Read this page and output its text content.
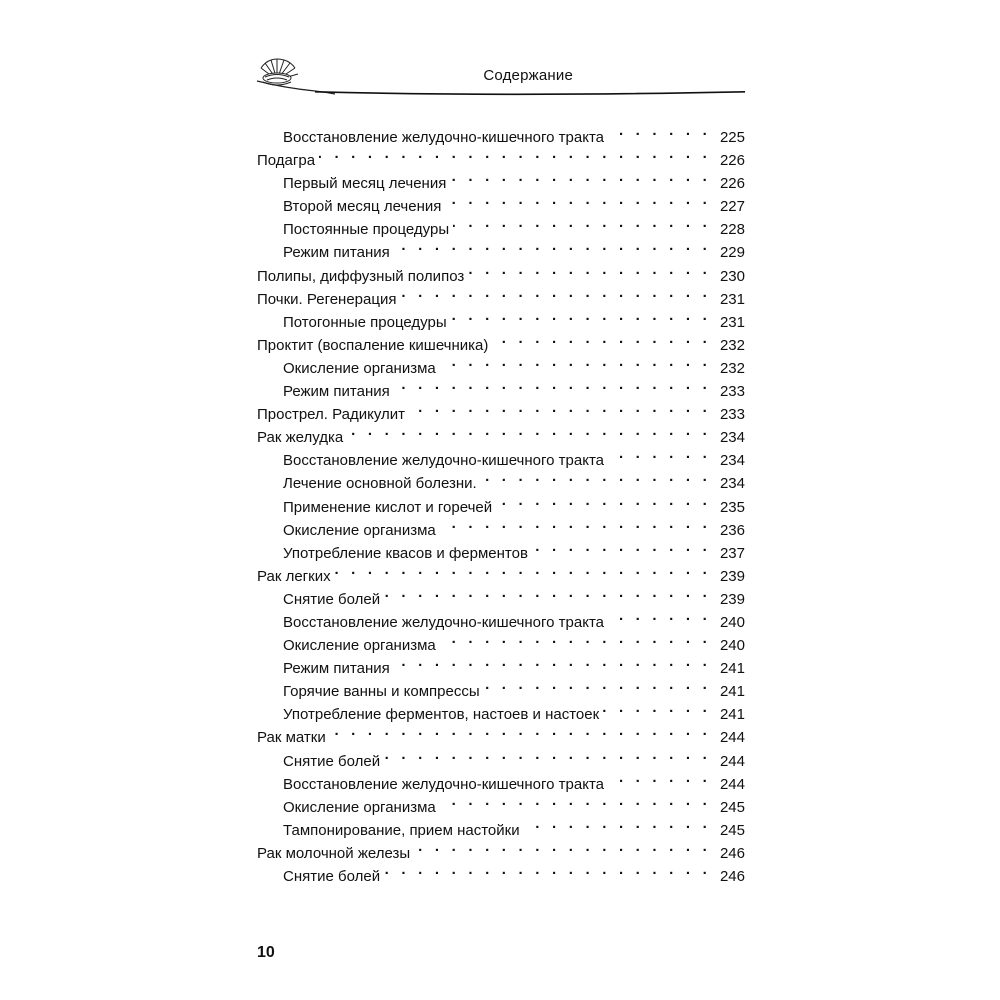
Содержание
Восстановление желудочно-кишечного тракта . . .	225
Подагра . . .	226
Первый месяц лечения . . .	226
Второй месяц лечения . . .	227
Постоянные процедуры . . .	228
Режим питания . . .	229
Полипы, диффузный полипоз . . .	230
Почки. Регенерация . . .	231
Потогонные процедуры . . .	231
Проктит (воспаление кишечника) . . .	232
Окисление организма . . .	232
Режим питания . . .	233
Прострел. Радикулит . . .	233
Рак желудка . . .	234
Восстановление желудочно-кишечного тракта . . .	234
Лечение основной болезни. . . .	234
Применение кислот и горечей . . .	235
Окисление организма . . .	236
Употребление квасов и ферментов . . .	237
Рак легких . . .	239
Снятие болей . . .	239
Восстановление желудочно-кишечного тракта . . .	240
Окисление организма . . .	240
Режим питания . . .	241
Горячие ванны и компрессы . . .	241
Употребление ферментов, настоев и настоек . . .	241
Рак матки . . .	244
Снятие болей . . .	244
Восстановление желудочно-кишечного тракта . . .	244
Окисление организма . . .	245
Тампонирование, прием настойки . . .	245
Рак молочной железы . . .	246
Снятие болей . . .	246
10
